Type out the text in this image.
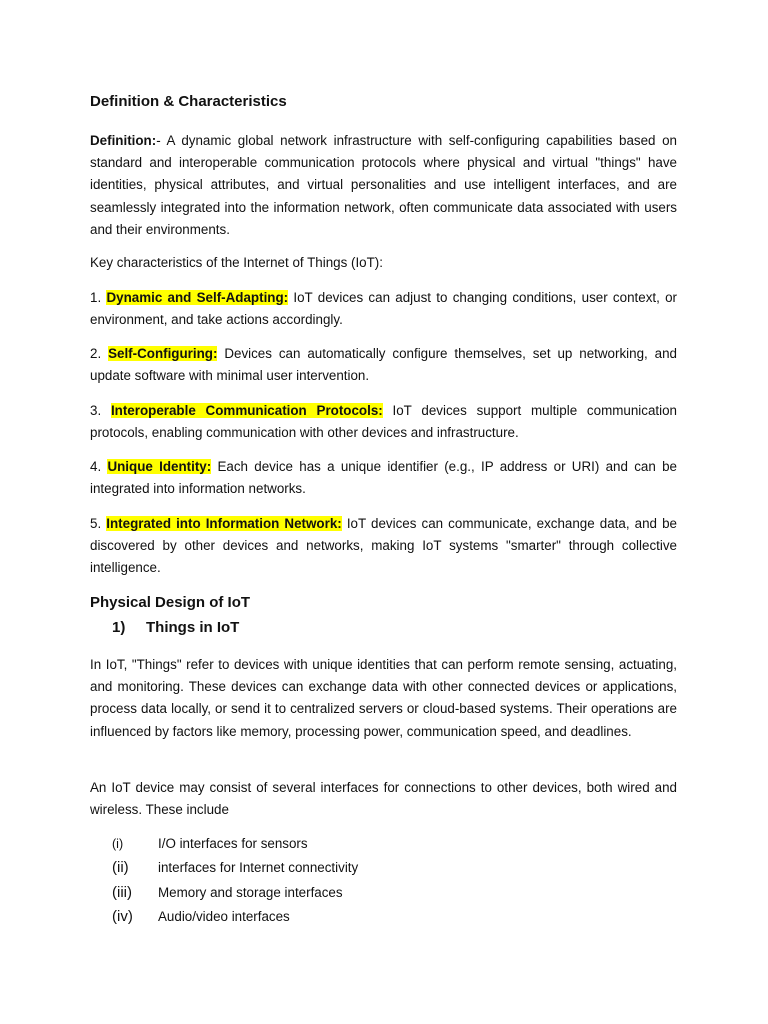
Definition & Characteristics
Definition:- A dynamic global network infrastructure with self-configuring capabilities based on standard and interoperable communication protocols where physical and virtual "things" have identities, physical attributes, and virtual personalities and use intelligent interfaces, and are seamlessly integrated into the information network, often communicate data associated with users and their environments.
Key characteristics of the Internet of Things (IoT):
1. Dynamic and Self-Adapting: IoT devices can adjust to changing conditions, user context, or environment, and take actions accordingly.
2. Self-Configuring: Devices can automatically configure themselves, set up networking, and update software with minimal user intervention.
3. Interoperable Communication Protocols: IoT devices support multiple communication protocols, enabling communication with other devices and infrastructure.
4. Unique Identity: Each device has a unique identifier (e.g., IP address or URI) and can be integrated into information networks.
5. Integrated into Information Network: IoT devices can communicate, exchange data, and be discovered by other devices and networks, making IoT systems "smarter" through collective intelligence.
Physical Design of IoT
1) Things in IoT
In IoT, "Things" refer to devices with unique identities that can perform remote sensing, actuating, and monitoring. These devices can exchange data with other connected devices or applications, process data locally, or send it to centralized servers or cloud-based systems. Their operations are influenced by factors like memory, processing power, communication speed, and deadlines.
An IoT device may consist of several interfaces for connections to other devices, both wired and wireless. These include
(i)	I/O interfaces for sensors
(ii)	interfaces for Internet connectivity
(iii)	Memory and storage interfaces
(iv)	Audio/video interfaces
